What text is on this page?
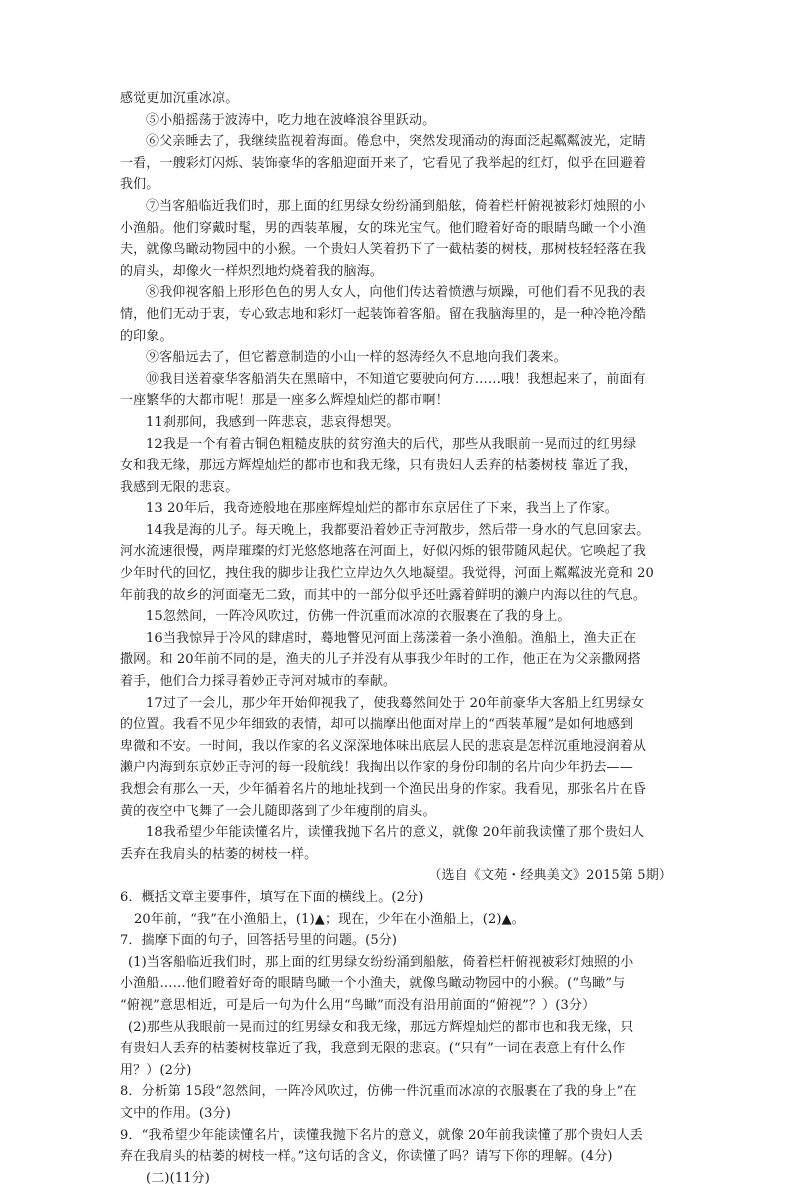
感觉更加沉重冰凉。
⑤小船摇荡于波涛中，吃力地在波峰浪谷里跃动。
⑥父亲睡去了，我继续监视着海面。倦怠中，突然发现涌动的海面泛起粼粼波光，定睛
一看，一艘彩灯闪烁、装饰豪华的客船迎面开来了，它看见了我举起的红灯，似乎在回避着
我们。
⑦当客船临近我们时，那上面的红男绿女纷纷涌到船舷，倚着栏杆俯视被彩灯烛照的小
小渔船。他们穿戴时髦，男的西装革履，女的珠光宝气。他们瞪着好奇的眼睛鸟瞰一个小渔
夫，就像鸟瞰动物园中的小猴。一个贵妇人笑着扔下了一截枯萎的树枝，那树枝轻轻落在我
的肩头，却像火一样炽烈地灼烧着我的脑海。
⑧我仰视客船上形形色色的男人女人，向他们传达着愤懑与烦躁，可他们看不见我的表
情，他们无动于衷，专心致志地和彩灯一起装饰着客船。留在我脑海里的，是一种冷艳冷酷
的印象。
⑨客船远去了，但它蓄意制造的小山一样的怒涛经久不息地向我们袭来。
⑩我目送着豪华客船消失在黑暗中，不知道它要驶向何方……哦！我想起来了，前面有
一座繁华的大都市呢！那是一座多么辉煌灿烂的都市啊！
11刹那间，我感到一阵悲哀，悲哀得想哭。
12我是一个有着古铜色粗糙皮肤的贫穷渔夫的后代，那些从我眼前一晃而过的红男绿
女和我无缘，那远方辉煌灿烂的都市也和我无缘，只有贵妇人丢弃的枯萎树枝 靠近了我，
我感到无限的悲哀。
13 20年后，我奇迹般地在那座辉煌灿烂的都市东京居住了下来，我当上了作家。
14我是海的儿子。每天晚上，我都要沿着妙正寺河散步，然后带一身水的气息回家去。
河水流速很慢，两岸璀璨的灯光悠悠地落在河面上，好似闪烁的银带随风起伏。它唤起了我
少年时代的回忆，拽住我的脚步让我伫立岸边久久地凝望。我觉得，河面上粼粼波光竟和 20
年前我的故乡的河面毫无二致，而其中的一部分似乎还吐露着鲜明的濑户内海以往的气息。
15忽然间，一阵冷风吹过，仿佛一件沉重而冰凉的衣服裹在了我的身上。
16当我惊异于冷风的肆虐时，蓦地瞥见河面上荡漾着一条小渔船。渔船上，渔夫正在
撒网。和 20年前不同的是，渔夫的儿子并没有从事我少年时的工作，他正在为父亲撒网搭
着手，他们合力採寻着妙正寺河对城市的奉献。
17过了一会儿，那少年开始仰视我了，使我蓦然间处于 20年前豪华大客船上红男绿女
的位置。我看不见少年细致的表情，却可以揣摩出他面对岸上的“西装革履”是如何地感到
卑微和不安。一时间，我以作家的名义深深地体味出底层人民的悲哀是怎样沉重地浸润着从
濑户内海到东京妙正寺河的每一段航线！我掏出以作家的身份印制的名片向少年扔去——
我想会有那么一天，少年循着名片的地址找到一个渔民出身的作家。我看见，那张名片在昏
黄的夜空中飞舞了一会儿随即落到了少年瘦削的肩头。
18我希望少年能读懂名片，读懂我抛下名片的意义，就像 20年前我读懂了那个贵妇人
丢弃在我肩头的枯萎的树枝一样。
（选自《文苑・经典美文》2015第 5期）
6．概括文章主要事件，填写在下面的横线上。(2分)
20年前，“我”在小渔船上，(1)▲；现在，少年在小渔船上，(2)▲。
7．揣摩下面的句子，回答括号里的问题。(5分)
(1)当客船临近我们时，那上面的红男绿女纷纷涌到船舷，倚着栏杆俯视被彩灯烛照的小
小渔船……他们瞪着好奇的眼睛鸟瞰一个小渔夫，就像鸟瞰动物园中的小猴。(“鸟瞰”与
“俯视”意思相近，可是后一句为什么用“鸟瞰”而没有沿用前面的“俯视”？）(3分）
(2)那些从我眼前一晃而过的红男绿女和我无缘，那远方辉煌灿烂的都市也和我无缘，只
有贵妇人丢弃的枯萎树枝靠近了我，我意到无限的悲哀。(“只有”一词在表意上有什么作
用？）(2分)
8．分析第 15段“忽然间，一阵冷风吹过，仿佛一件沉重而冰凉的衣服裹在了我的身上”在
文中的作用。(3分)
9．“我希望少年能读懂名片，读懂我抛下名片的意义，就像 20年前我读懂了那个贵妇人丢
弃在我肩头的枯萎的树枝一样。”这句话的含义，你读懂了吗？请写下你的理解。(4分)
(二)(11分)
